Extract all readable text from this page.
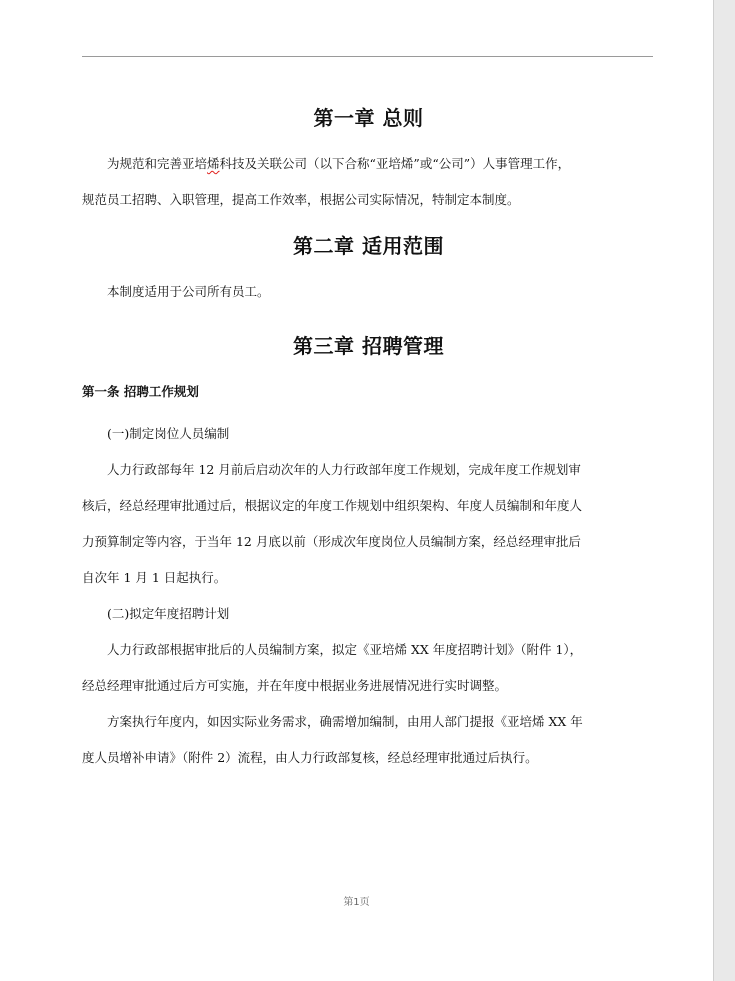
第一章 总则

为规范和完善亚培烯科技及关联公司（以下合称“亚培烯”或“公司”）人事管理工作，
规范员工招聘、入职管理，提高工作效率，根据公司实际情况，特制定本制度。

第二章 适用范围

本制度适用于公司所有员工。

第三章 招聘管理

第一条 招聘工作规划

(一)制定岗位人员编制

人力行政部每年 12 月前后启动次年的人力行政部年度工作规划，完成年度工作规划审
核后，经总经理审批通过后，根据议定的年度工作规划中组织架构、年度人员编制和年度人
力预算制定等内容，于当年 12 月底以前（形成次年度岗位人员编制方案，经总经理审批后
自次年 1 月 1 日起执行。

(二)拟定年度招聘计划

人力行政部根据审批后的人员编制方案，拟定《亚培烯 XX 年度招聘计划》（附件 1），
经总经理审批通过后方可实施，并在年度中根据业务进展情况进行实时调整。

方案执行年度内，如因实际业务需求，确需增加编制，由用人部门提报《亚培烯 XX 年
度人员增补申请》（附件 2）流程，由人力行政部复核，经总经理审批通过后执行。

第1页
